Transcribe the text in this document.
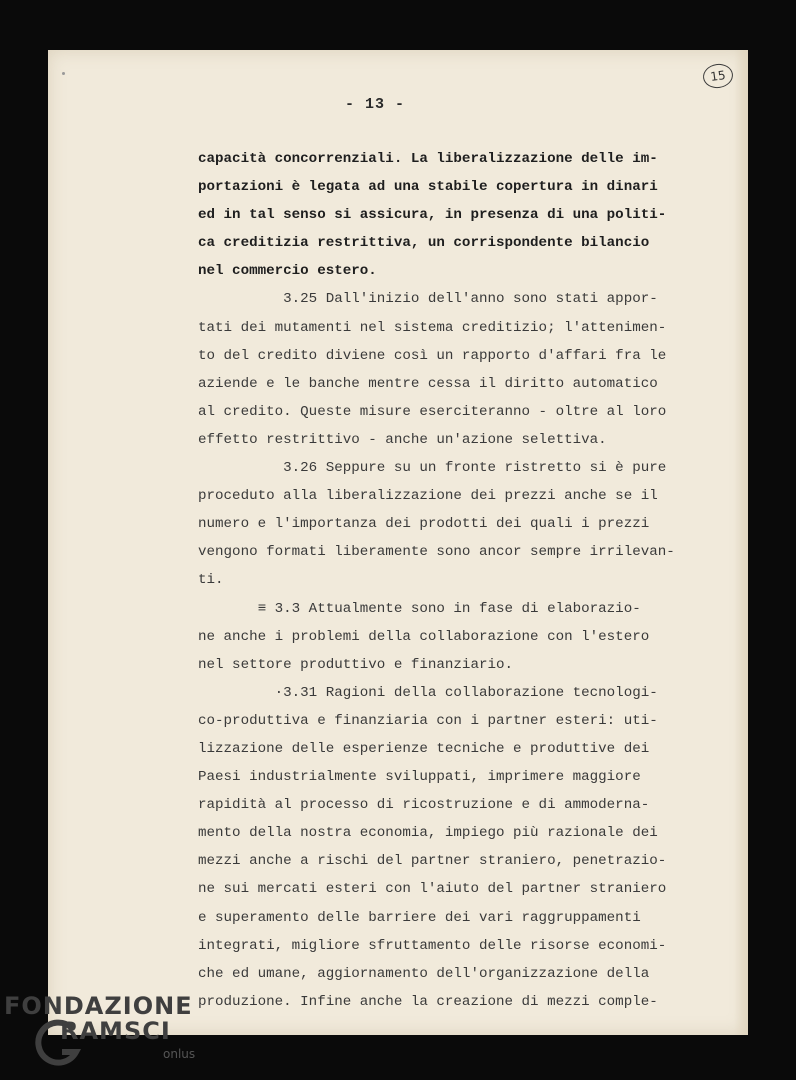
- 13 -
15
capacità concorrenziali. La liberalizzazione delle im-
portazioni è legata ad una stabile copertura in dinari
ed in tal senso si assicura, in presenza di una politi-
ca creditizia restrittiva, un corrispondente bilancio
nel commercio estero.
3.25 Dall'inizio dell'anno sono stati appor-
tati dei mutamenti nel sistema creditizio; l'attenimen-
to del credito diviene così un rapporto d'affari fra le
aziende e le banche mentre cessa il diritto automatico
al credito. Queste misure eserciteranno - oltre al loro
effetto restrittivo - anche un'azione selettiva.
3.26 Seppure su un fronte ristretto si è pure
proceduto alla liberalizzazione dei prezzi anche se il
numero e l'importanza dei prodotti dei quali i prezzi
vengono formati liberamente sono ancor sempre irrilevan-
ti.
≡ 3.3 Attualmente sono in fase di elaborazio-
ne anche i problemi della collaborazione con l'estero
nel settore produttivo e finanziario.
·3.31 Ragioni della collaborazione tecnologi-
co-produttiva e finanziaria con i partner esteri: uti-
lizzazione delle esperienze tecniche e produttive dei
Paesi industrialmente sviluppati, imprimere maggiore
rapidità al processo di ricostruzione e di ammoderna-
mento della nostra economia, impiego più razionale dei
mezzi anche a rischi del partner straniero, penetrazio-
ne sui mercati esteri con l'aiuto del partner straniero
e superamento delle barriere dei vari raggruppamenti
integrati, migliore sfruttamento delle risorse economi-
che ed umane, aggiornamento dell'organizzazione della
produzione. Infine anche la creazione di mezzi comple-
FONDAZIONE
RAMSCI
onlus
